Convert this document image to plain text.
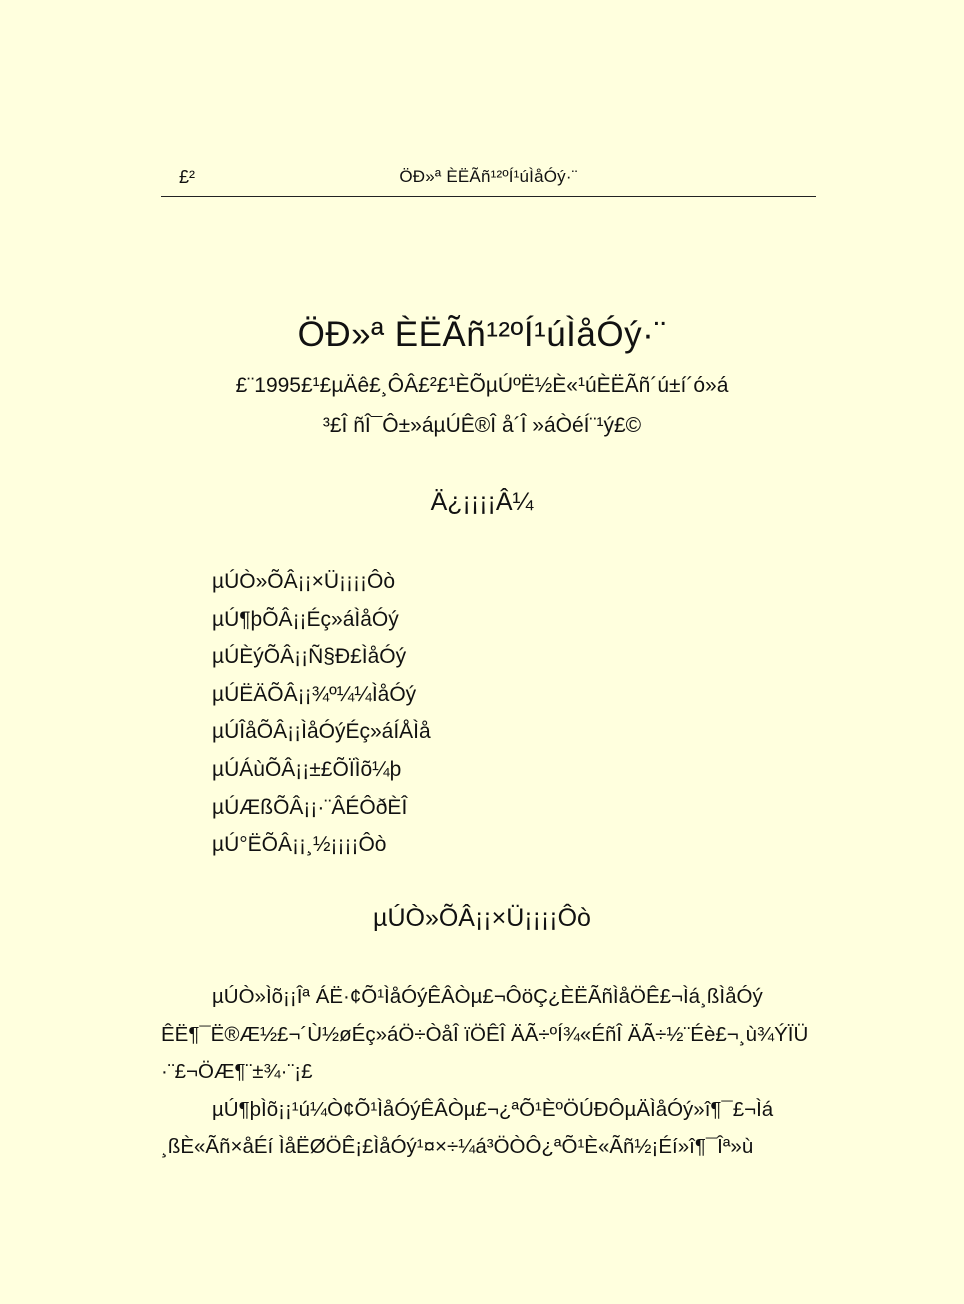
£²	ÖÐ»ª ÈËÃñ¹²ºÍ¹úÌåÓý·¨
ÖÐ»ª ÈËÃñ¹²ºÍ¹úÌåÓý·¨
£¨1995£¹£µÄê£¸ÔÂ£²£¹ÈÕµÚºË½È«¹úÈËÃñ´ú±í´ó»á
³£Î ñÎ¯Ô±»áµÚÊ®Î å´Î »áÒéÍ¨¹ý£©
Ä¿¡¡¡¡Â¼
µÚÒ»ÕÂ¡¡×Ü¡¡¡¡Ôò
µÚ¶þÕÂ¡¡Éç»áÌåÓý
µÚÈýÕÂ¡¡Ñ§Ð£ÌåÓý
µÚËÄÕÂ¡¡¾º¼¼ÌåÓý
µÚÎåÕÂ¡¡ÌåÓýÉç»áÍÅÌå
µÚÁùÕÂ¡¡±£ÕÏÌõ¼þ
µÚÆßÕÂ¡¡·¨ÂÉÔðÈÎ
µÚ°ËÕÂ¡¡¸½¡¡¡¡Ôò
µÚÒ»ÕÂ¡¡×Ü¡¡¡¡Ôò
µÚÒ»Ìõ¡¡Îª ÁË·¢Õ¹ÌåÓýÊÂÒµ£¬ÔöÇ¿ÈËÃñÌåÖÊ£¬Ìá¸ßÌåÓý
ÊË¶¯Ë®Æ½£¬´Ù½øÉç»áÖ÷ÒåÎ ïÖÊÎ ÄÃ÷ºÍ¾«ÉñÎ ÄÃ÷½¨Éè£¬¸ù¾ÝÏÜ
·¨£¬ÖÆ¶¨±¾·¨¡£
µÚ¶þÌõ¡¡¹ú¼Ò¢Õ¹ÌåÓýÊÂÒµ£¬¿ªÕ¹ÈºÖÚÐÔµÄÌåÓý»î¶¯£¬Ìá
¸ßÈ«Ãñ×åÉí ÌåËØÖÊ¡£ÌåÓý¹¤×÷¼á³ÖÒÔ¿ªÕ¹È«Ãñ½¡Éí»î¶¯Îª»ù
